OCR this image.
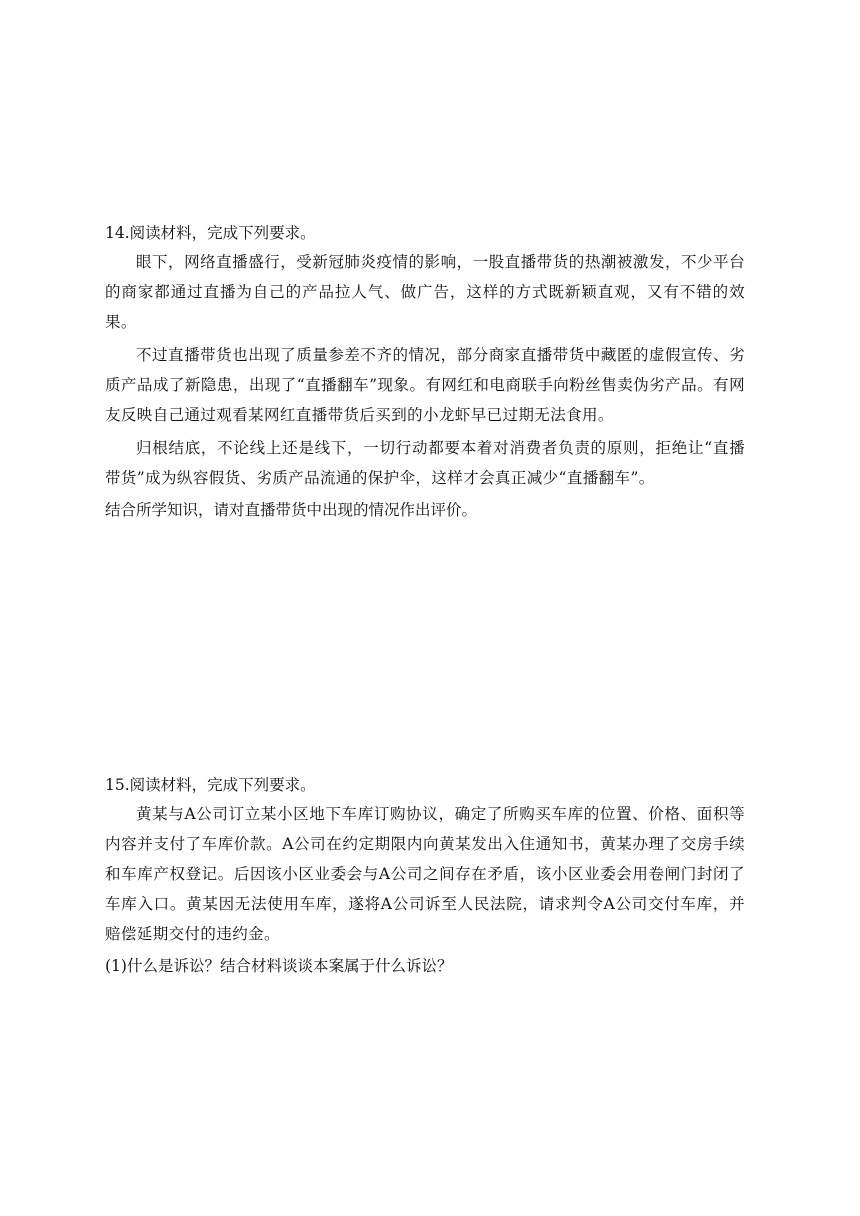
14.阅读材料，完成下列要求。

眼下，网络直播盛行，受新冠肺炎疫情的影响，一股直播带货的热潮被激发，不少平台的商家都通过直播为自己的产品拉人气、做广告，这样的方式既新颖直观，又有不错的效果。

不过直播带货也出现了质量参差不齐的情况，部分商家直播带货中藏匿的虚假宣传、劣质产品成了新隐患，出现了“直播翻车”现象。有网红和电商联手向粉丝售卖伪劣产品。有网友反映自己通过观看某网红直播带货后买到的小龙虾早已过期无法食用。

归根结底，不论线上还是线下，一切行动都要本着对消费者负责的原则，拒绝让“直播带货”成为纵容假货、劣质产品流通的保护伞，这样才会真正减少“直播翻车”。

结合所学知识，请对直播带货中出现的情况作出评价。

15.阅读材料，完成下列要求。

黄某与A公司订立某小区地下车库订购协议，确定了所购买车库的位置、价格、面积等内容并支付了车库价款。A公司在约定期限内向黄某发出入住通知书，黄某办理了交房手续和车库产权登记。后因该小区业委会与A公司之间存在矛盾，该小区业委会用卷闸门封闭了车库入口。黄某因无法使用车库，遂将A公司诉至人民法院，请求判令A公司交付车库，并赔偿延期交付的违约金。

(1)什么是诉讼？结合材料谈谈本案属于什么诉讼？
